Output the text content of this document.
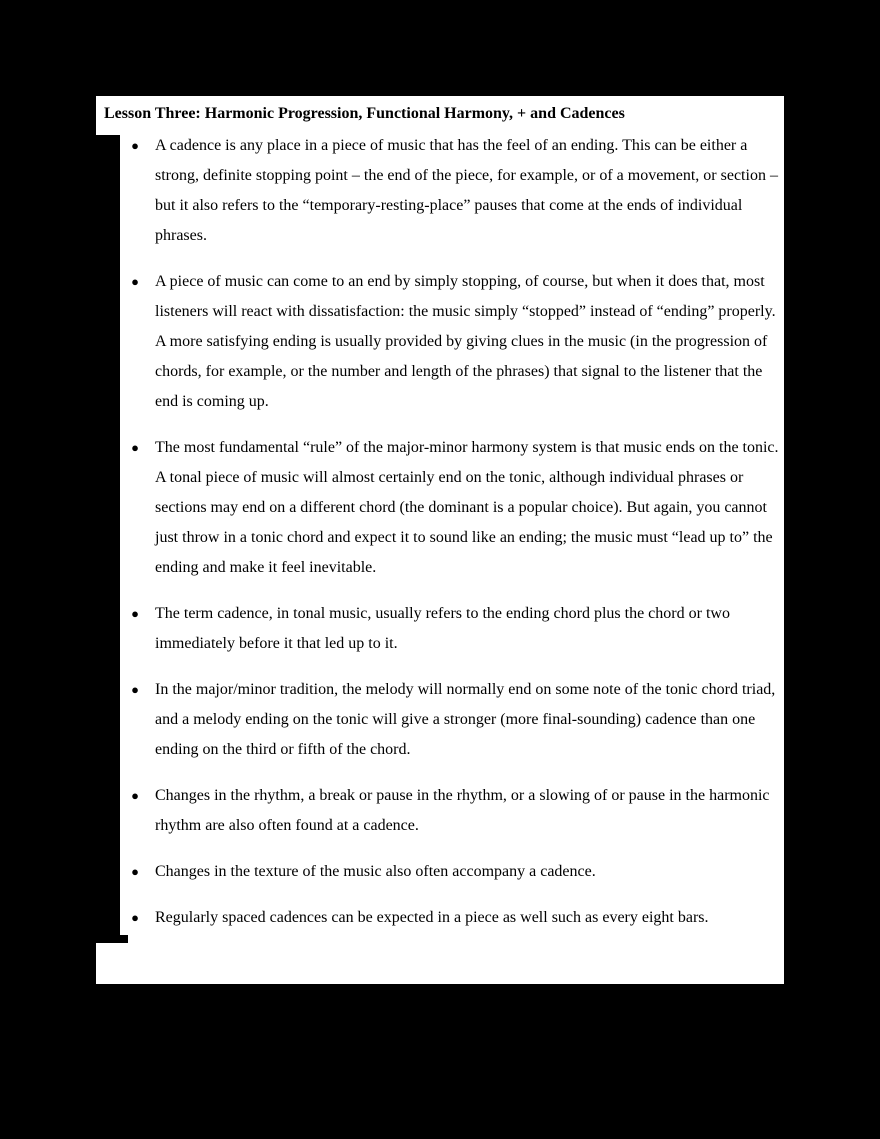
Lesson Three: Harmonic Progression, Functional Harmony, + and Cadences
● A cadence is any place in a piece of music that has the feel of an ending. This can be either a strong, definite stopping point – the end of the piece, for example, or of a movement, or section – but it also refers to the “temporary-resting-place” pauses that come at the ends of individual phrases.
● A piece of music can come to an end by simply stopping, of course, but when it does that, most listeners will react with dissatisfaction: the music simply “stopped” instead of “ending” properly. A more satisfying ending is usually provided by giving clues in the music (in the progression of chords, for example, or the number and length of the phrases) that signal to the listener that the end is coming up.
● The most fundamental “rule” of the major-minor harmony system is that music ends on the tonic. A tonal piece of music will almost certainly end on the tonic, although individual phrases or sections may end on a different chord (the dominant is a popular choice). But again, you cannot just throw in a tonic chord and expect it to sound like an ending; the music must “lead up to” the ending and make it feel inevitable.
● The term cadence, in tonal music, usually refers to the ending chord plus the chord or two immediately before it that led up to it.
● In the major/minor tradition, the melody will normally end on some note of the tonic chord triad, and a melody ending on the tonic will give a stronger (more final-sounding) cadence than one ending on the third or fifth of the chord.
● Changes in the rhythm, a break or pause in the rhythm, or a slowing of or pause in the harmonic rhythm are also often found at a cadence.
● Changes in the texture of the music also often accompany a cadence.
● Regularly spaced cadences can be expected in a piece as well such as every eight bars.
